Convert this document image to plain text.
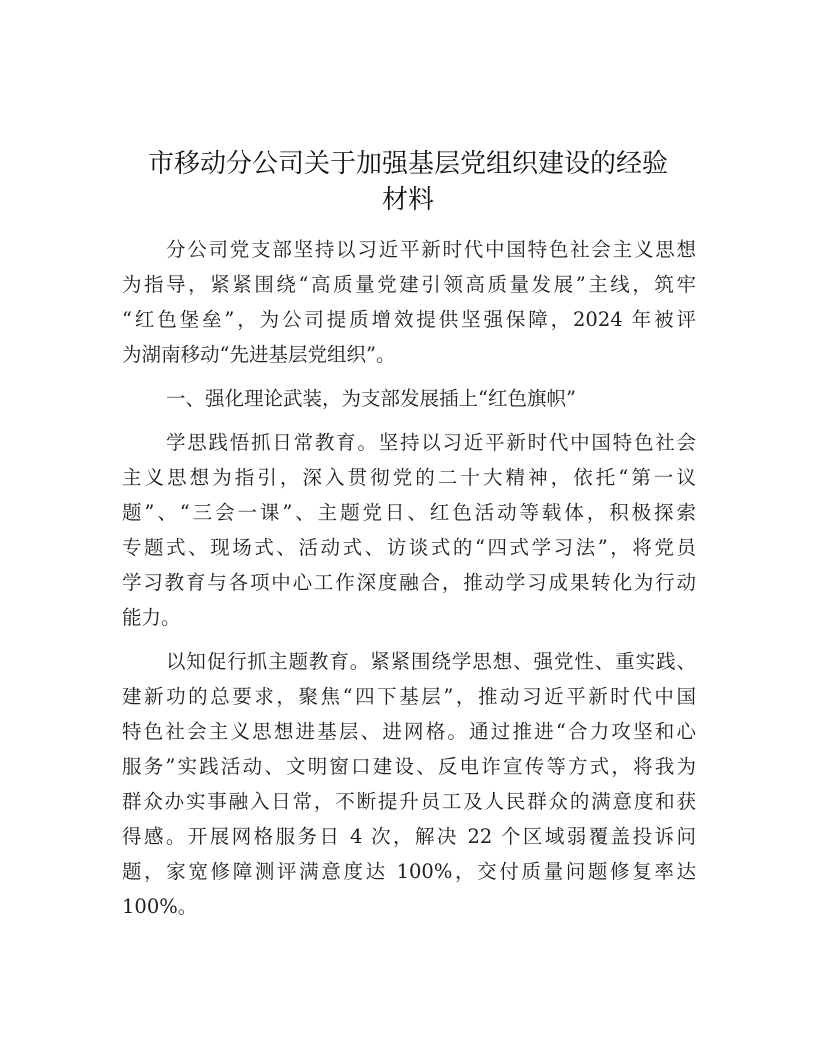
市移动分公司关于加强基层党组织建设的经验
材料

分公司党支部坚持以习近平新时代中国特色社会主义思想
为指导，紧紧围绕“高质量党建引领高质量发展”主线，筑牢
“红色堡垒”，为公司提质增效提供坚强保障，2024 年被评
为湖南移动“先进基层党组织”。

一、强化理论武装，为支部发展插上“红色旗帜”

学思践悟抓日常教育。坚持以习近平新时代中国特色社会
主义思想为指引，深入贯彻党的二十大精神，依托“第一议
题”、“三会一课”、主题党日、红色活动等载体，积极探索
专题式、现场式、活动式、访谈式的“四式学习法”，将党员
学习教育与各项中心工作深度融合，推动学习成果转化为行动
能力。

以知促行抓主题教育。紧紧围绕学思想、强党性、重实践、
建新功的总要求，聚焦“四下基层”，推动习近平新时代中国
特色社会主义思想进基层、进网格。通过推进“合力攻坚和心
服务”实践活动、文明窗口建设、反电诈宣传等方式，将我为
群众办实事融入日常，不断提升员工及人民群众的满意度和获
得感。开展网格服务日 4 次，解决 22 个区域弱覆盖投诉问
题，家宽修障测评满意度达 100%，交付质量问题修复率达
100%。
